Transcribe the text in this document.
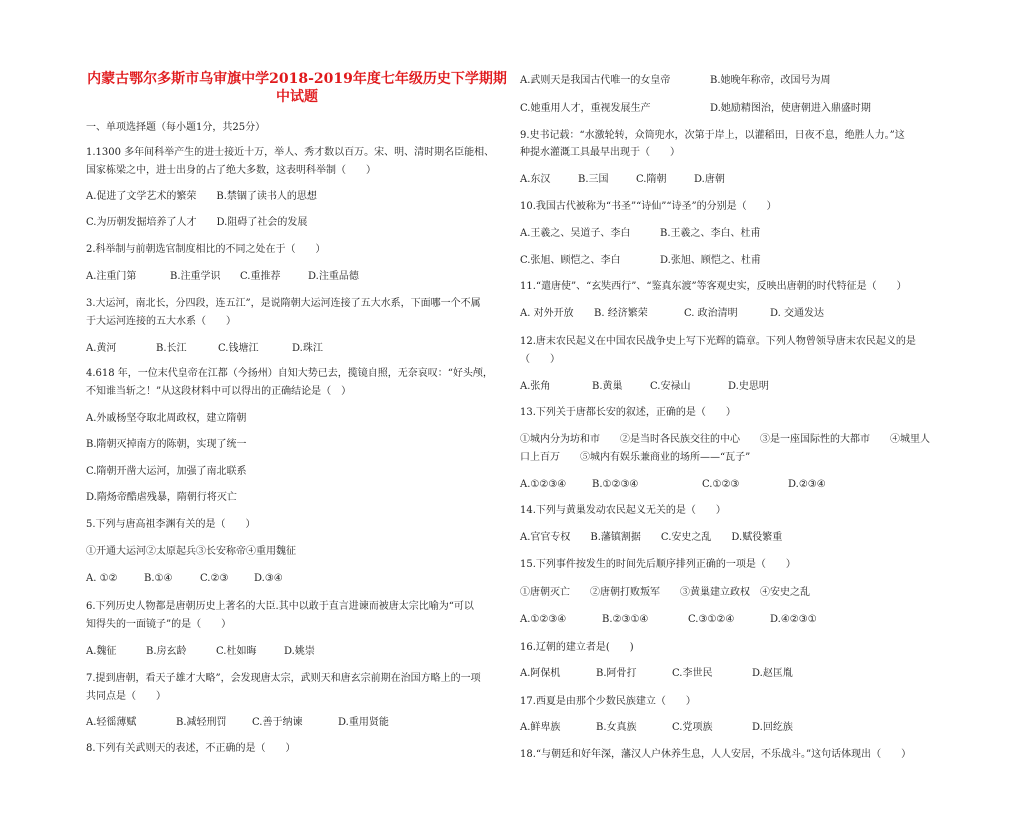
内蒙古鄂尔多斯市乌审旗中学2018-2019年度七年级历史下学期期
中试题
一、单项选择题（每小题1分，共25分）
1.1300 多年间科举产生的进士接近十万，举人、秀才数以百万。宋、明、清时期名臣能相、
国家栋梁之中，进士出身的占了绝大多数，这表明科举制（　　）
A.促进了文学艺术的繁荣　　B.禁锢了读书人的思想
C.为历朝发掘培养了人才　　D.阻碍了社会的发展
2.科举制与前朝选官制度相比的不同之处在于（　　）
A.注重门第	B.注重学识 C.重推荐	D.注重品德
3.大运河，南北长，分四段，连五江”，是说隋朝大运河连接了五大水系，下面哪一个不属
于大运河连接的五大水系（　　）
A.黄河	B.长江	C.钱塘江	D.珠江
4.618 年，一位末代皇帝在江都（今扬州）自知大势已去，揽镜自照，无奈哀叹：“好头颅，
不知谁当斩之！”从这段材料中可以得出的正确结论是（　）
A.外戚杨坚夺取北周政权，建立隋朝
B.隋朝灭掉南方的陈朝，实现了统一
C.隋朝开凿大运河，加强了南北联系
D.隋炀帝酷虐残暴，隋朝行将灭亡
5.下列与唐高祖李渊有关的是（　　）
①开通大运河②太原起兵③长安称帝④重用魏征
A. ①②	B.①④	C.②③	D.③④
6.下列历史人物都是唐朝历史上著名的大臣.其中以敢于直言进谏而被唐太宗比喻为“可以
知得失的一面镜子”的是（　　）
A.魏征	B.房玄龄	C.杜如晦	D.姚崇
7.提到唐朝，看天子雄才大略”，会发现唐太宗，武则天和唐玄宗前期在治国方略上的一项
共同点是（　　）
A.轻徭薄赋	B.减轻刑罚	C.善于纳谏	D.重用贤能
8.下列有关武则天的表述，不正确的是（　　）
A.武则天是我国古代唯一的女皇帝	B.她晚年称帝，改国号为周
C.她重用人才，重视发展生产	D.她励精图治，使唐朝进入鼎盛时期
9.史书记载：“水激轮转，众筒兜水，次第于岸上，以灌稻田，日夜不息，绝胜人力。”这
种提水灌溉工具最早出现于（　　）
A.东汉	B.三国	C.隋朝	D.唐朝
10.我国古代被称为“书圣”“诗仙”“诗圣”的分别是（　　）
A.王羲之、吴道子、李白	B.王羲之、李白、杜甫
C.张旭、顾恺之、李白	D.张旭、顾恺之、杜甫
11.“遣唐使”、“玄奘西行”、“鉴真东渡”等客观史实，反映出唐朝的时代特征是（　　）
A. 对外开放 B. 经济繁荣	C. 政治清明	D. 交通发达
12.唐末农民起义在中国农民战争史上写下光辉的篇章。下列人物曾领导唐末农民起义的是
（　　）
A.张角	B.黄巢	C.安禄山	D.史思明
13.下列关于唐都长安的叙述，正确的是（　　）
①城内分为坊和市　　②是当时各民族交往的中心　　③是一座国际性的大都市　　④城里人
口上百万　　⑤城内有娱乐兼商业的场所——“瓦子”
A.①②③④	B.①②③④	C.①②③	D.②③④
14.下列与黄巢发动农民起义无关的是（　　）
A.官官专权　　B.藩镇割据　　C.安史之乱　　D.赋役繁重
15.下列事件按发生的时间先后顺序排列正确的一项是（　　）
①唐朝灭亡　　②唐朝打败叛军　　③黄巢建立政权　④安史之乱
A.①②③④	B.②③①④	C.③①②④	D.④②③①
16.辽朝的建立者是(　　)
A.阿保机	B.阿骨打	C.李世民	D.赵匡胤
17.西夏是由那个少数民族建立（　　）
A.鲜卑族	B.女真族	C.党项族	D.回纥族
18.“与朝廷和好年深，藩汉人户休养生息，人人安居，不乐战斗。”这句话体现出（　　）
